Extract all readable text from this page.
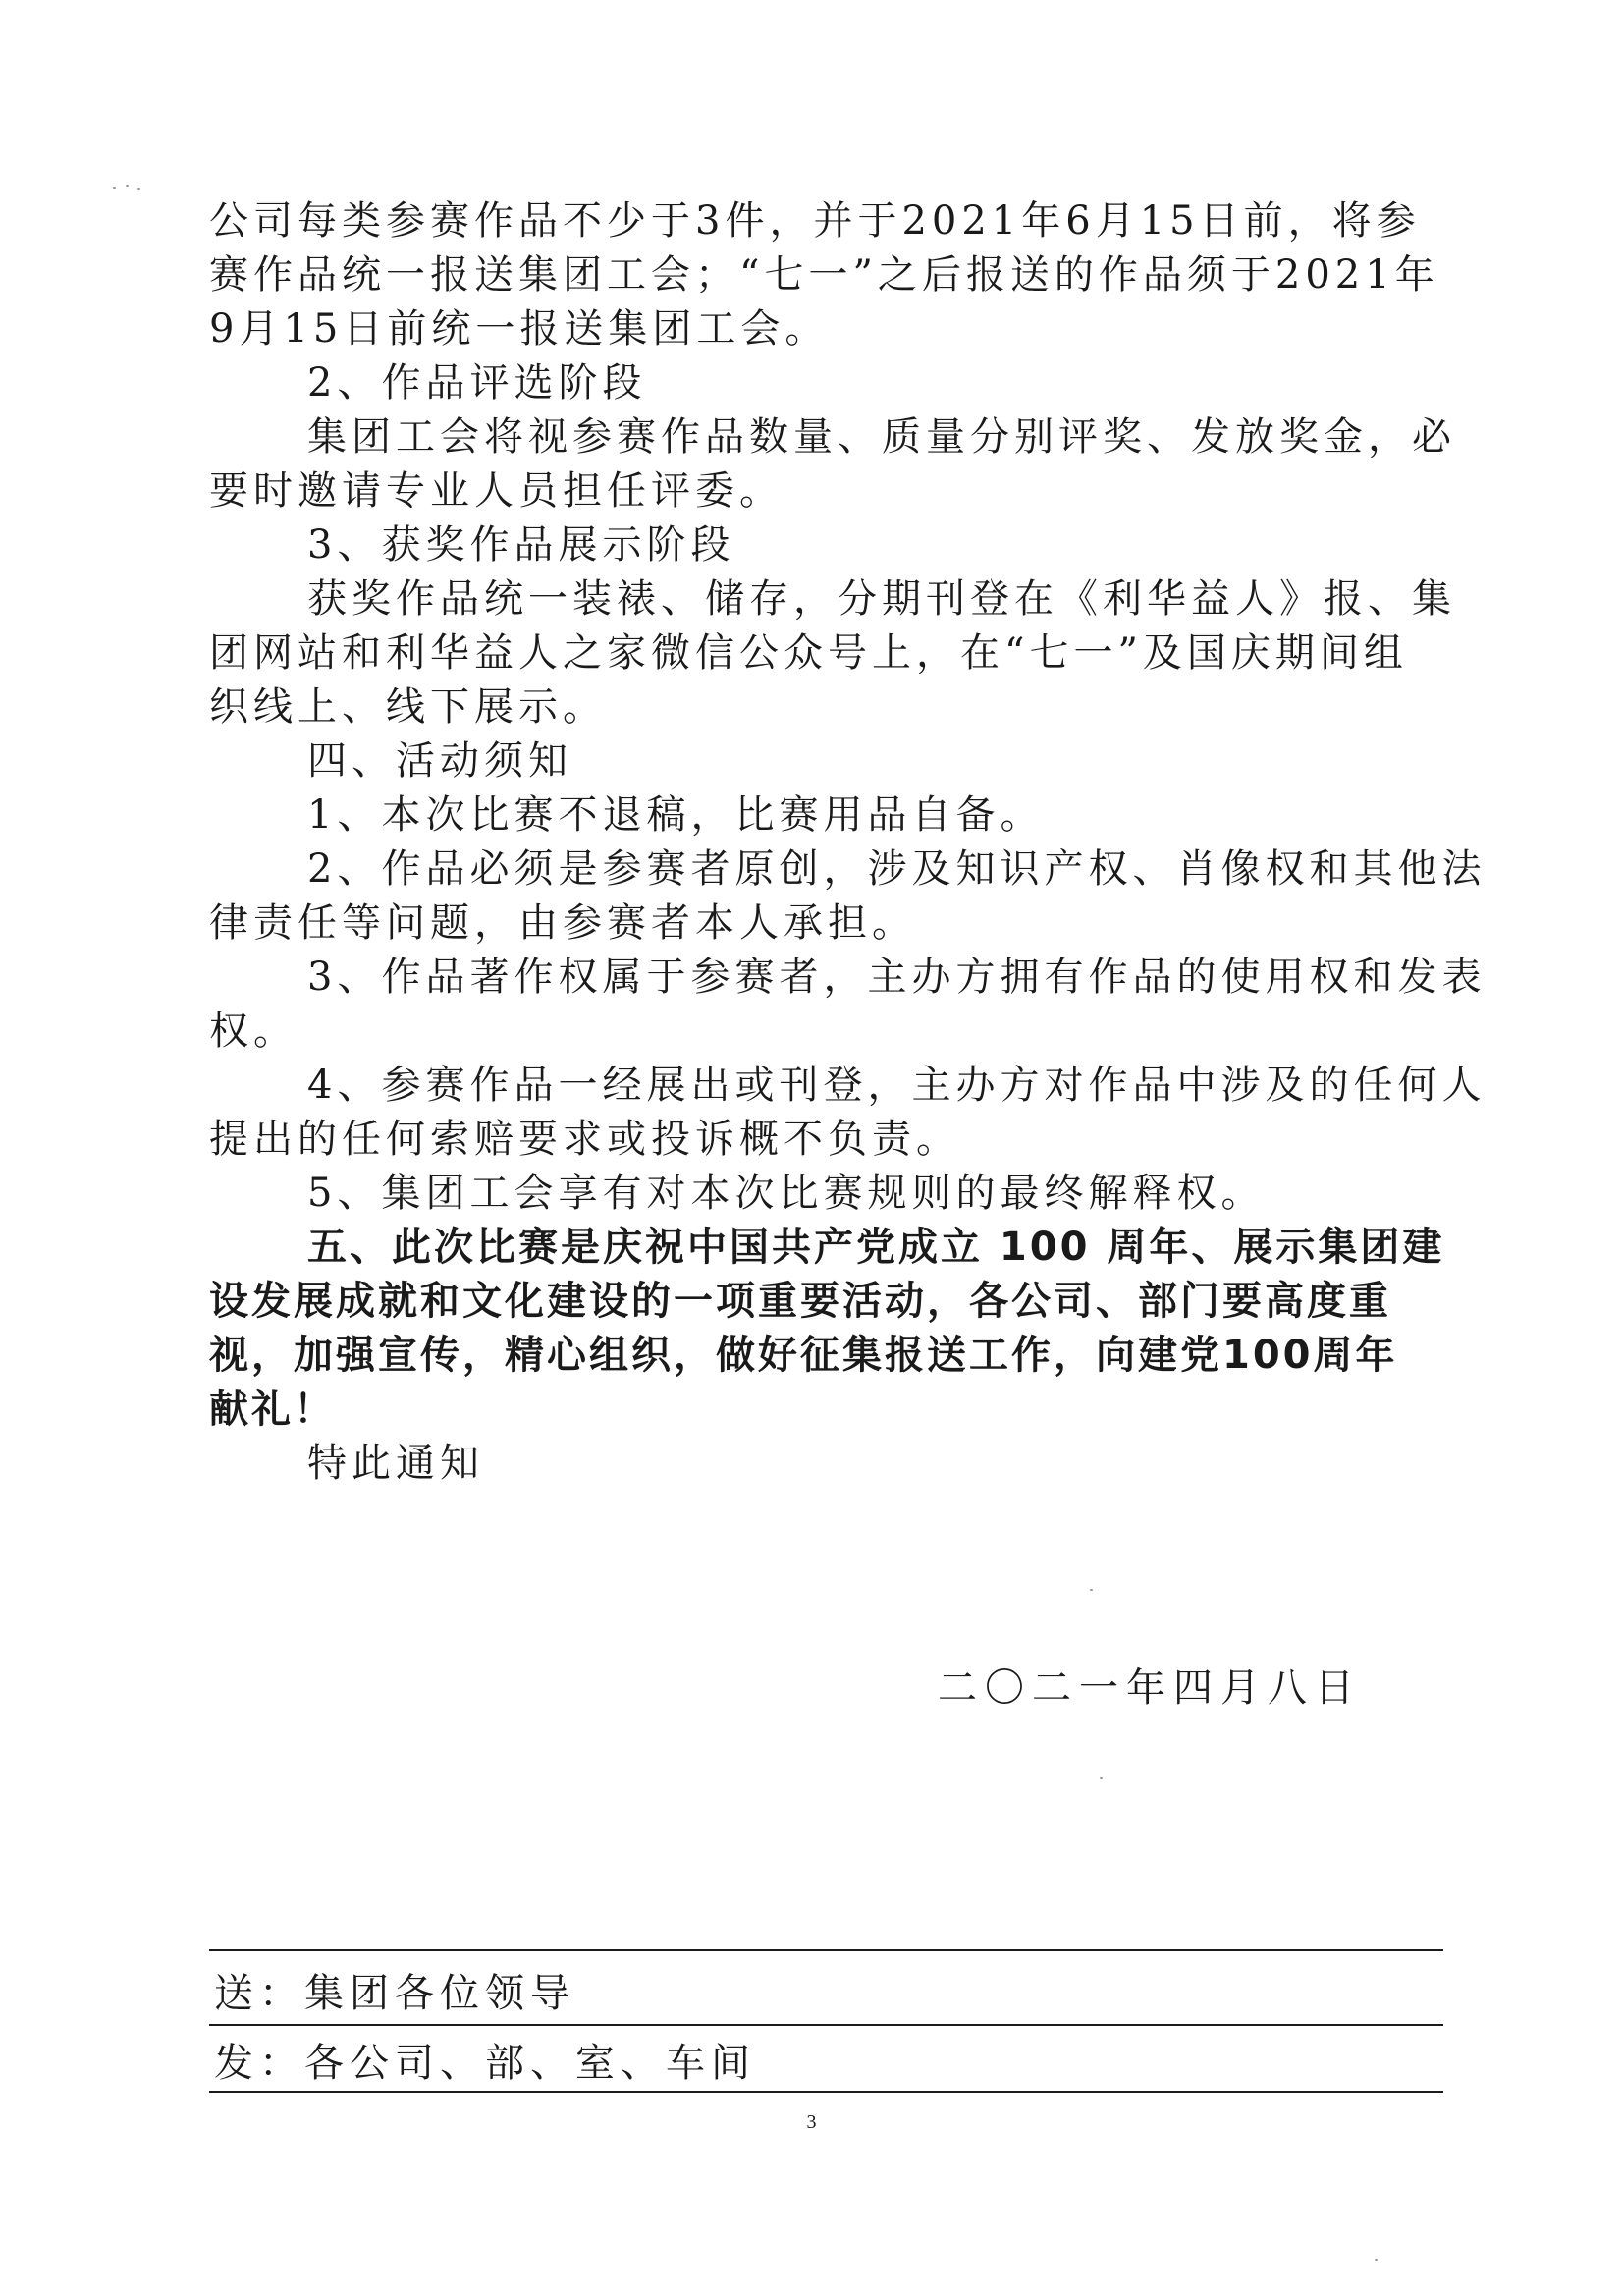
公司每类参赛作品不少于3件，并于2021年6月15日前，将参
赛作品统一报送集团工会；“七一”之后报送的作品须于2021年
9月15日前统一报送集团工会。
2、作品评选阶段
集团工会将视参赛作品数量、质量分别评奖、发放奖金，必
要时邀请专业人员担任评委。
3、获奖作品展示阶段
获奖作品统一装裱、储存，分期刊登在《利华益人》报、集
团网站和利华益人之家微信公众号上，在“七一”及国庆期间组
织线上、线下展示。
四、活动须知
1、本次比赛不退稿，比赛用品自备。
2、作品必须是参赛者原创，涉及知识产权、肖像权和其他法
律责任等问题，由参赛者本人承担。
3、作品著作权属于参赛者，主办方拥有作品的使用权和发表
权。
4、参赛作品一经展出或刊登，主办方对作品中涉及的任何人
提出的任何索赔要求或投诉概不负责。
5、集团工会享有对本次比赛规则的最终解释权。
五、此次比赛是庆祝中国共产党成立 100 周年、展示集团建
设发展成就和文化建设的一项重要活动，各公司、部门要高度重
视，加强宣传，精心组织，做好征集报送工作，向建党100周年
献礼！
特此通知
二〇二一年四月八日
送：集团各位领导
发：各公司、部、室、车间
3
